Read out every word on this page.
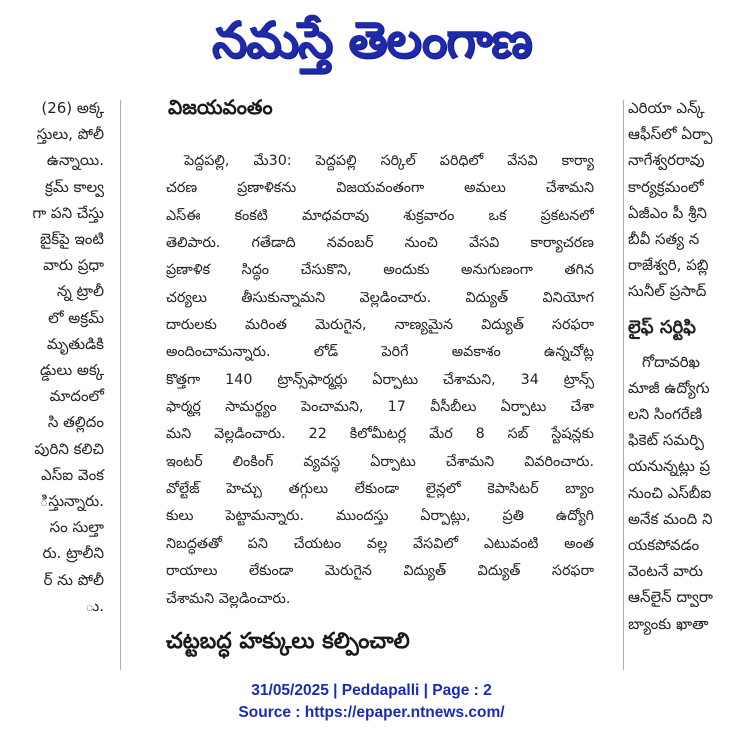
నమస్తే తెలంగాణ
(26) అక్క
స్తులు, పోలీ
ఉన్నాయి.
క్రమ్ కాల్వ
గా పని చేస్తు
బైక్‌పై ఇంటి
వారు ప్రధా
న్న ట్రాలీ
లో అక్రమ్
మృతుడికి
డ్డులు అక్క
మాదంలో
సి తల్లిదం
పురిని కలిచి
ఎస్ఐ వెంక
ిస్తున్నారు.
సం సుల్తా
రు. ట్రాలీని
ర్ ను పోలీ
ు.
విజయవంతం
పెద్దపల్లి, మే30: పెద్దపల్లి సర్కిల్ పరిధిలో వేసవి కార్యా
చరణ ప్రణాళికను విజయవంతంగా అమలు చేశామని
ఎస్ఈ కంకటి మాధవరావు శుక్రవారం ఒక ప్రకటనలో
తెలిపారు. గతేడాది నవంబర్ నుంచి వేసవి కార్యాచరణ
ప్రణాళిక సిద్ధం చేసుకొని, అందుకు అనుగుణంగా తగిన
చర్యలు తీసుకున్నామని వెల్లడించారు. విద్యుత్ వినియోగ
దారులకు మరింత మెరుగైన, నాణ్యమైన విద్యుత్ సరఫరా
అందించామన్నారు. లోడ్ పెరిగే అవకాశం ఉన్నచోట్ల
కొత్తగా 140 ట్రాన్స్‌ఫార్మర్లు ఏర్పాటు చేశామని, 34 ట్రాన్స్
ఫార్మర్ల సామర్థ్యం పెంచామని, 17 వీసీబీలు ఏర్పాటు చేశా
మని వెల్లడించారు. 22 కిలోమీటర్ల మేర 8 సబ్ స్టేషన్లకు
ఇంటర్ లింకింగ్ వ్యవస్థ ఏర్పాటు చేశామని వివరించారు.
వోల్టేజ్ హెచ్చు తగ్గులు లేకుండా లైన్లలో కెపాసిటర్ బ్యాం
కులు పెట్టామన్నారు. ముందస్తు ఏర్పాట్లు, ప్రతి ఉద్యోగి
నిబద్ధతతో పని చేయటం వల్ల వేసవిలో ఎటువంటి అంత
రాయాలు లేకుండా మెరుగైన విద్యుత్ విద్యుత్ సరఫరా
చేశామని వెల్లడించారు.
చట్టబద్ధ హక్కులు కల్పించాలి
ఎరియా ఎన్క్
ఆఫీస్‌లో ఏర్పా
నాగేశ్వరరావు
కార్యక్రమంలో
ఏజీఎం పీ శ్రీని
బీవీ సత్య న
రాజేశ్వరి, పబ్లి
సునీల్ ప్రసాద్
లైఫ్ సర్టిఫి
గోదావరిఖ
మాజీ ఉద్యోగు
లని సింగరేణి
ఫికెట్ సమర్పి
యనున్నట్లు ప్ర
నుంచి ఎస్‌బీఐ
అనేక మంది ని
యకపోవడం
వెంటనే వారు
ఆన్‌లైన్ ద్వారా
బ్యాంకు ఖాతా
31/05/2025 | Peddapalli | Page : 2
Source : https://epaper.ntnews.com/
